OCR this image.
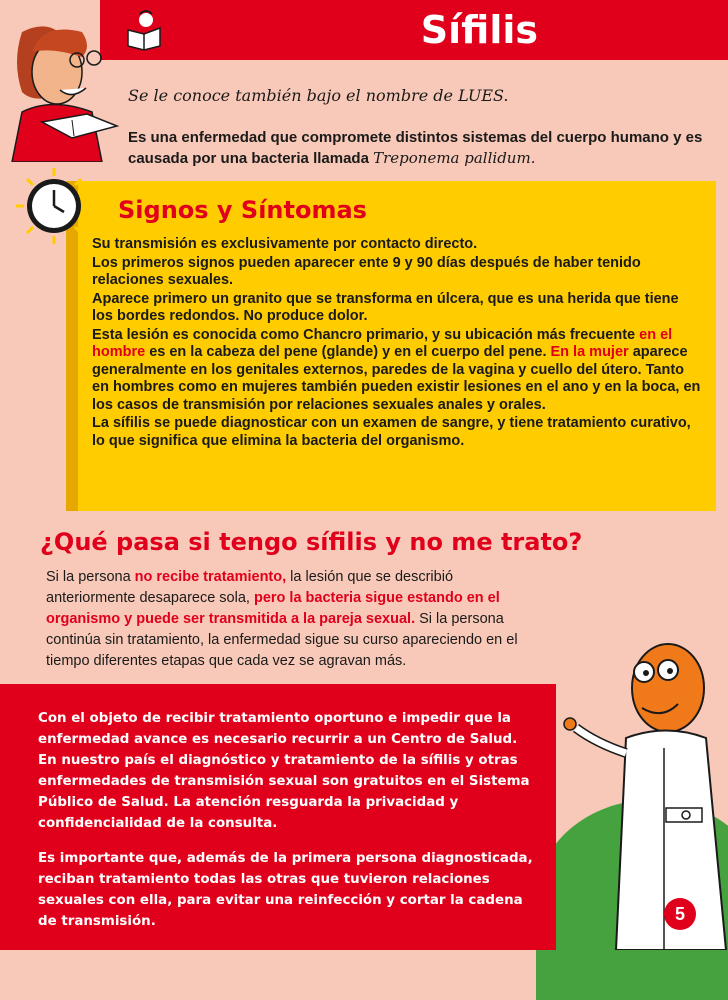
Sífilis
Se le conoce también bajo el nombre de LUES.
Es una enfermedad que compromete distintos sistemas del cuerpo humano y es causada por una bacteria llamada Treponema pallidum.
Signos y Síntomas

Su transmisión es exclusivamente por contacto directo.

Los primeros signos pueden aparecer ente 9 y 90 días después de haber tenido relaciones sexuales.

Aparece primero un granito que se transforma en úlcera, que es una herida que tiene los bordes redondos. No produce dolor.

Esta lesión es conocida como Chancro primario, y su ubicación más frecuente en el hombre es en la cabeza del pene (glande) y en el cuerpo del pene. En la mujer aparece generalmente en los genitales externos, paredes de la vagina y cuello del útero. Tanto en hombres como en mujeres también pueden existir lesiones en el ano y en la boca, en los casos de transmisión por relaciones sexuales anales y orales.

La sífilis se puede diagnosticar con un examen de sangre, y tiene tratamiento curativo, lo que significa que elimina la bacteria del organismo.

¿Qué pasa si tengo sífilis y no me trato?
Si la persona no recibe tratamiento, la lesión que se describió anteriormente desaparece sola, pero la bacteria sigue estando en el organismo y puede ser transmitida a la pareja sexual. Si la persona continúa sin tratamiento, la enfermedad sigue su curso apareciendo en el tiempo diferentes etapas que cada vez se agravan más.

Con el objeto de recibir tratamiento oportuno e impedir que la enfermedad avance es necesario recurrir a un Centro de Salud. En nuestro país el diagnóstico y tratamiento de la sífilis y otras enfermedades de transmisión sexual son gratuitos en el Sistema Público de Salud. La atención resguarda la privacidad y confidencialidad de la consulta.

Es importante que, además de la primera persona diagnosticada, reciban tratamiento todas las otras que tuvieron relaciones sexuales con ella, para evitar una reinfección y cortar la cadena de transmisión.	5
